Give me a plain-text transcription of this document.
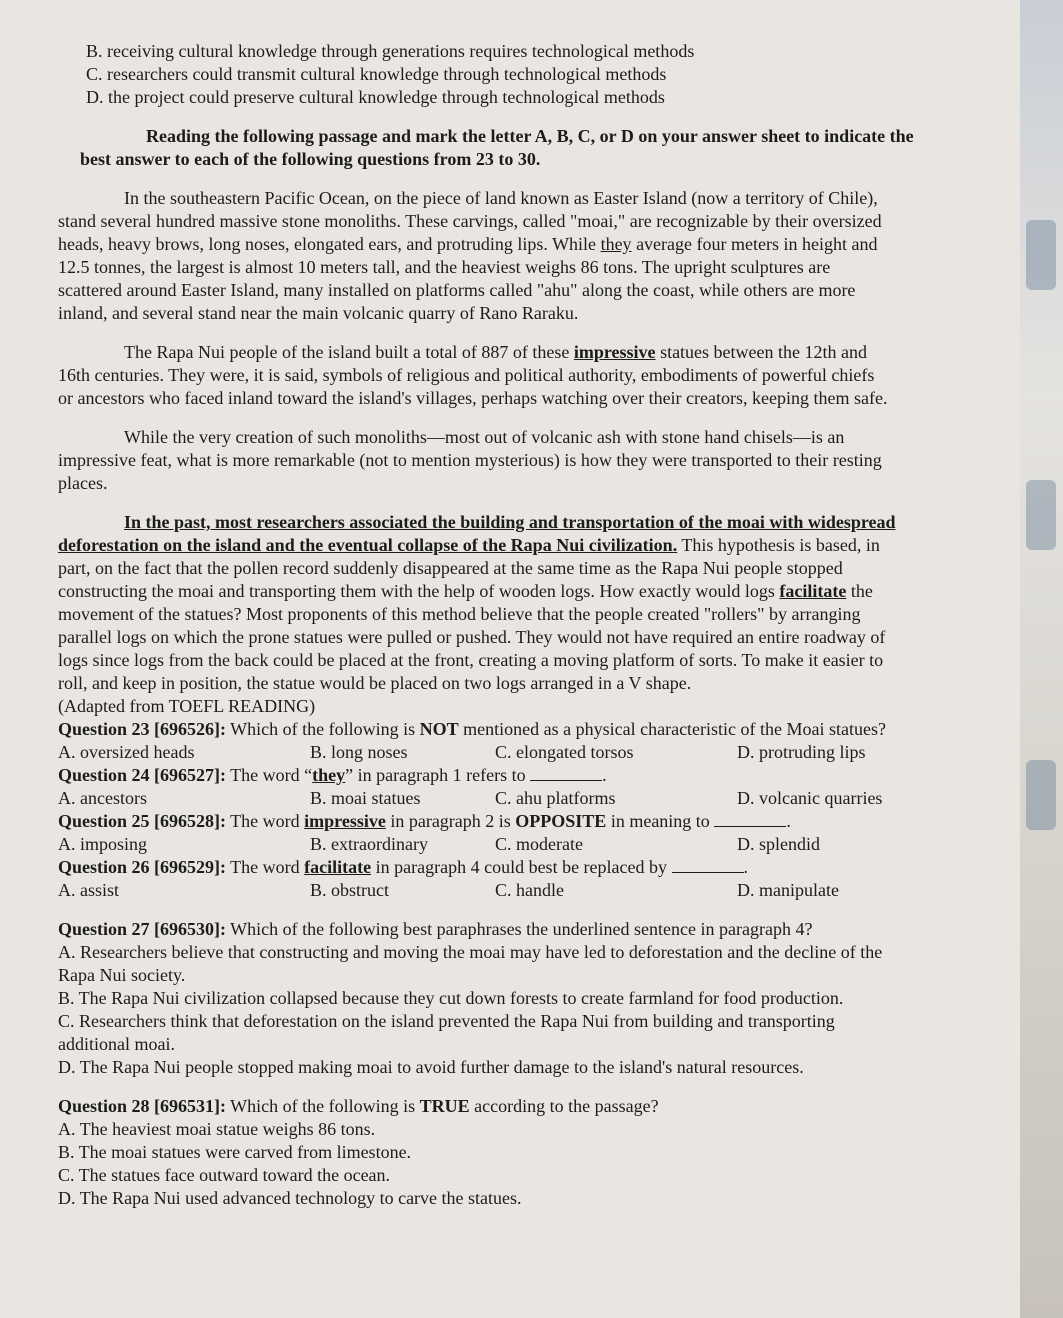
B. receiving cultural knowledge through generations requires technological methods
C. researchers could transmit cultural knowledge through technological methods
D. the project could preserve cultural knowledge through technological methods
Reading the following passage and mark the letter A, B, C, or D on your answer sheet to indicate the
best answer to each of the following questions from 23 to 30.
In the southeastern Pacific Ocean, on the piece of land known as Easter Island (now a territory of Chile),
stand several hundred massive stone monoliths. These carvings, called "moai," are recognizable by their oversized
heads, heavy brows, long noses, elongated ears, and protruding lips. While they average four meters in height and
12.5 tonnes, the largest is almost 10 meters tall, and the heaviest weighs 86 tons. The upright sculptures are
scattered around Easter Island, many installed on platforms called "ahu" along the coast, while others are more
inland, and several stand near the main volcanic quarry of Rano Raraku.
The Rapa Nui people of the island built a total of 887 of these impressive statues between the 12th and
16th centuries. They were, it is said, symbols of religious and political authority, embodiments of powerful chiefs
or ancestors who faced inland toward the island's villages, perhaps watching over their creators, keeping them safe.
While the very creation of such monoliths—most out of volcanic ash with stone hand chisels—is an
impressive feat, what is more remarkable (not to mention mysterious) is how they were transported to their resting
places.
In the past, most researchers associated the building and transportation of the moai with widespread
deforestation on the island and the eventual collapse of the Rapa Nui civilization. This hypothesis is based, in
part, on the fact that the pollen record suddenly disappeared at the same time as the Rapa Nui people stopped
constructing the moai and transporting them with the help of wooden logs. How exactly would logs facilitate the
movement of the statues? Most proponents of this method believe that the people created "rollers" by arranging
parallel logs on which the prone statues were pulled or pushed. They would not have required an entire roadway of
logs since logs from the back could be placed at the front, creating a moving platform of sorts. To make it easier to
roll, and keep in position, the statue would be placed on two logs arranged in a V shape.
(Adapted from TOEFL READING)
Question 23 [696526]: Which of the following is NOT mentioned as a physical characteristic of the Moai statues?
A. oversized heads	B. long noses	C. elongated torsos	D. protruding lips
Question 24 [696527]: The word “they” in paragraph 1 refers to	.
A. ancestors	B. moai statues	C. ahu platforms	D. volcanic quarries
Question 25 [696528]: The word impressive in paragraph 2 is OPPOSITE in meaning to	.
A. imposing	B. extraordinary	C. moderate	D. splendid
Question 26 [696529]: The word facilitate in paragraph 4 could best be replaced by	.
A. assist	B. obstruct	C. handle	D. manipulate
Question 27 [696530]: Which of the following best paraphrases the underlined sentence in paragraph 4?
A. Researchers believe that constructing and moving the moai may have led to deforestation and the decline of the
Rapa Nui society.
B. The Rapa Nui civilization collapsed because they cut down forests to create farmland for food production.
C. Researchers think that deforestation on the island prevented the Rapa Nui from building and transporting
additional moai.
D. The Rapa Nui people stopped making moai to avoid further damage to the island's natural resources.
Question 28 [696531]: Which of the following is TRUE according to the passage?
A. The heaviest moai statue weighs 86 tons.
B. The moai statues were carved from limestone.
C. The statues face outward toward the ocean.
D. The Rapa Nui used advanced technology to carve the statues.
